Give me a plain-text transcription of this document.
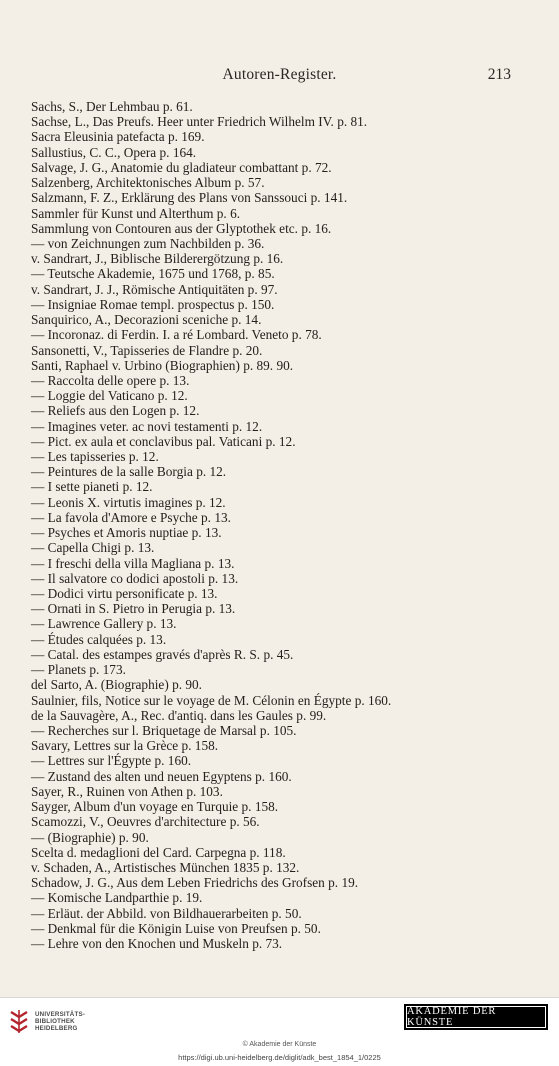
Autoren-Register.	213
Sachs, S., Der Lehmbau p. 61.
Sachse, L., Das Preufs. Heer unter Friedrich Wilhelm IV. p. 81.
Sacra Eleusinia patefacta p. 169.
Sallustius, C. C., Opera p. 164.
Salvage, J. G., Anatomie du gladiateur combattant p. 72.
Salzenberg, Architektonisches Album p. 57.
Salzmann, F. Z., Erklärung des Plans von Sanssouci p. 141.
Sammler für Kunst und Alterthum p. 6.
Sammlung von Contouren aus der Glyptothek etc. p. 16.
— von Zeichnungen zum Nachbilden p. 36.
v. Sandrart, J., Biblische Bilderergötzung p. 16.
— Teutsche Akademie, 1675 und 1768, p. 85.
v. Sandrart, J. J., Römische Antiquitäten p. 97.
— Insigniae Romae templ. prospectus p. 150.
Sanquirico, A., Decorazioni sceniche p. 14.
— Incoronaz. di Ferdin. I. a ré Lombard. Veneto p. 78.
Sansonetti, V., Tapisseries de Flandre p. 20.
Santi, Raphael v. Urbino (Biographien) p. 89. 90.
— Raccolta delle opere p. 13.
— Loggie del Vaticano p. 12.
— Reliefs aus den Logen p. 12.
— Imagines veter. ac novi testamenti p. 12.
— Pict. ex aula et conclavibus pal. Vaticani p. 12.
— Les tapisseries p. 12.
— Peintures de la salle Borgia p. 12.
— I sette pianeti p. 12.
— Leonis X. virtutis imagines p. 12.
— La favola d'Amore e Psyche p. 13.
— Psyches et Amoris nuptiae p. 13.
— Capella Chigi p. 13.
— I freschi della villa Magliana p. 13.
— Il salvatore co dodici apostoli p. 13.
— Dodici virtu personificate p. 13.
— Ornati in S. Pietro in Perugia p. 13.
— Lawrence Gallery p. 13.
— Études calquées p. 13.
— Catal. des estampes gravés d'après R. S. p. 45.
— Planets p. 173.
del Sarto, A. (Biographie) p. 90.
Saulnier, fils, Notice sur le voyage de M. Célonin en Égypte p. 160.
de la Sauvagère, A., Rec. d'antiq. dans les Gaules p. 99.
— Recherches sur l. Briquetage de Marsal p. 105.
Savary, Lettres sur la Grèce p. 158.
— Lettres sur l'Égypte p. 160.
— Zustand des alten und neuen Egyptens p. 160.
Sayer, R., Ruinen von Athen p. 103.
Sayger, Album d'un voyage en Turquie p. 158.
Scamozzi, V., Oeuvres d'architecture p. 56.
— (Biographie) p. 90.
Scelta d. medaglioni del Card. Carpegna p. 118.
v. Schaden, A., Artistisches München 1835 p. 132.
Schadow, J. G., Aus dem Leben Friedrichs des Grofsen p. 19.
— Komische Landparthie p. 19.
— Erläut. der Abbild. von Bildhauerarbeiten p. 50.
— Denkmal für die Königin Luise von Preufsen p. 50.
— Lehre von den Knochen und Muskeln p. 73.
UNIVERSITÄTS-
BIBLIOTHEK
HEIDELBERG
AKADEMIE DER KÜNSTE
© Akademie der Künste
https://digi.ub.uni-heidelberg.de/diglit/adk_best_1854_1/0225
